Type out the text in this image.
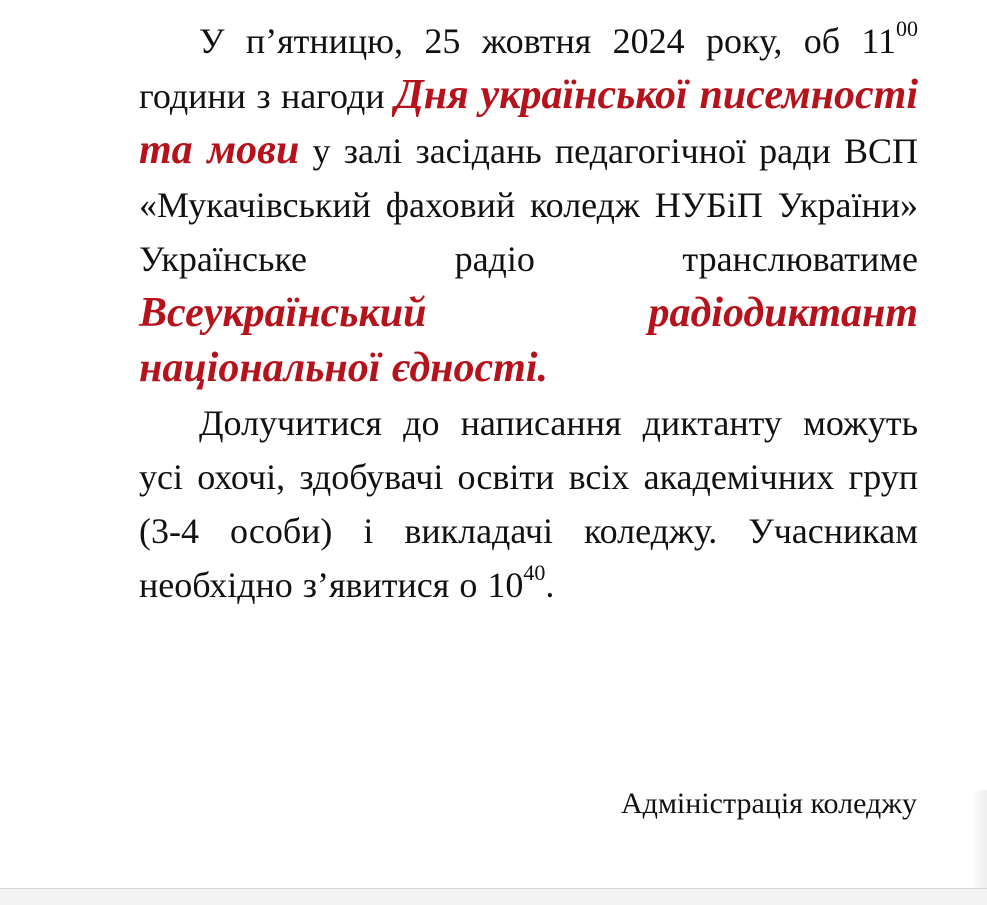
У п’ятницю, 25 жовтня 2024 року, об $11^{00}$ години з нагоди Дня української писемності та мови у залі засідань педагогічної ради ВСП «Мукачівський фаховий коледж НУБіП України» Українське радіо транслюватиме Всеукраїнський радіодиктант національної єдності.

Долучитися до написання диктанту можуть усі охочі, здобувачі освіти всіх академічних груп (3-4 особи) і викладачі коледжу. Учасникам необхідно з’явитися о $10^{40}$.

Адміністрація коледжу
